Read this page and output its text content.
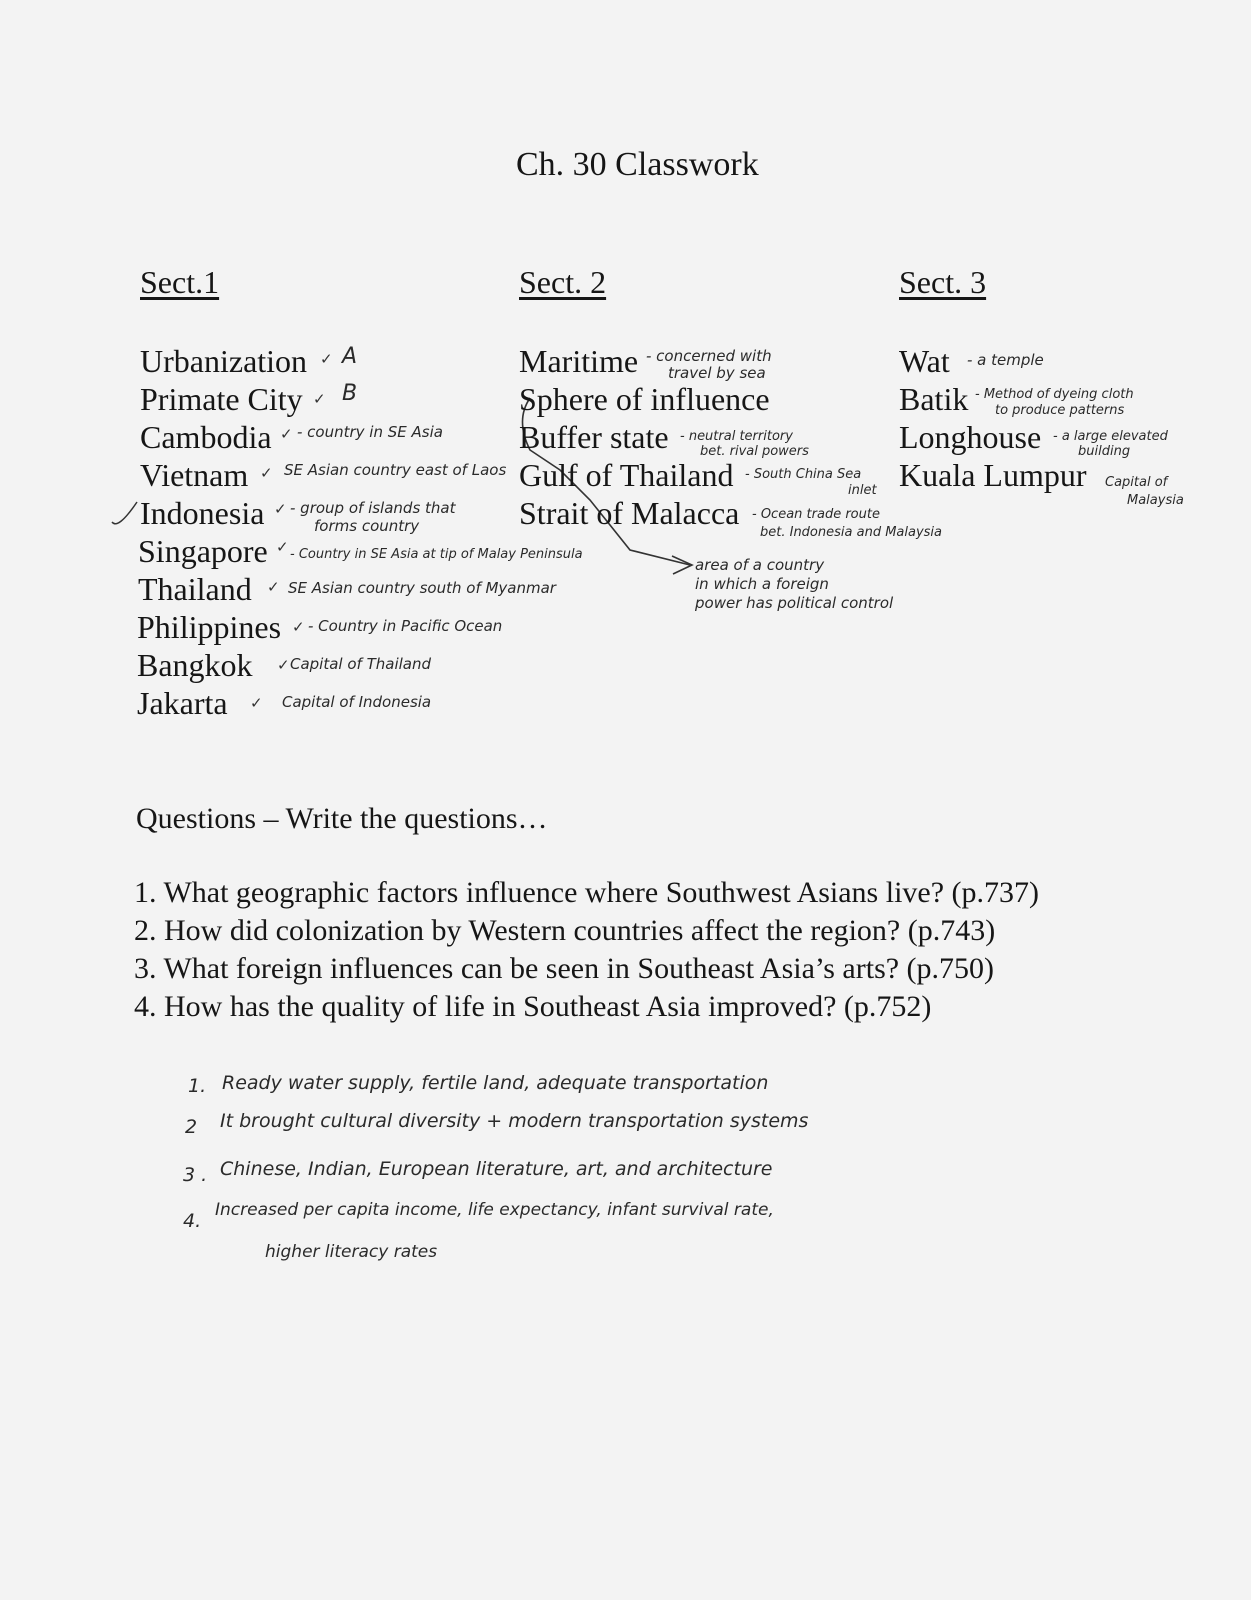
Ch. 30 Classwork
Sect.1	Sect. 2	Sect. 3
Urbanization ✓ A
Primate City ✓ B
Cambodia ✓ - country in SE Asia
Vietnam ✓ SE Asian country east of Laos
Indonesia ✓ - group of islands that
forms country
Singapore ✓ - Country in SE Asia at tip of Malay Peninsula
Thailand ✓ SE Asian country south of Myanmar
Philippines ✓ - Country in Pacific Ocean
Bangkok ✓ Capital of Thailand
Jakarta ✓ Capital of Indonesia
Maritime - concerned with
travel by sea
Sphere of influence
Buffer state - neutral territory
bet. rival powers
Gulf of Thailand - South China Sea
inlet
Strait of Malacca - Ocean trade route
bet. Indonesia and Malaysia
area of a country
in which a foreign
power has political control
Wat - a temple
Batik - Method of dyeing cloth
to produce patterns
Longhouse - a large elevated
building
Kuala Lumpur Capital of
Malaysia
Questions – Write the questions…
1. What geographic factors influence where Southwest Asians live? (p.737)
2. How did colonization by Western countries affect the region? (p.743)
3. What foreign influences can be seen in Southeast Asia’s arts? (p.750)
4. How has the quality of life in Southeast Asia improved? (p.752)
1. Ready water supply, fertile land, adequate transportation
2 It brought cultural diversity + modern transportation systems
3 . Chinese, Indian, European literature, art, and architecture
4. Increased per capita income, life expectancy, infant survival rate,
higher literacy rates
